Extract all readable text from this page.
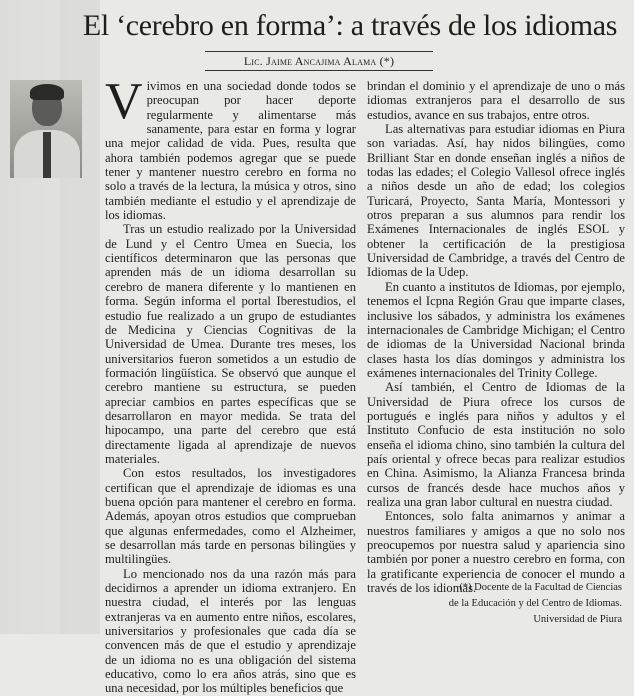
El ‘cerebro en forma’: a través de los idiomas
Lic. Jaime Ancajima Alama (*)

Vivimos en una sociedad donde todos se preocupan por hacer deporte regularmente y alimentarse más sanamente, para estar en forma y lograr una mejor calidad de vida. Pues, resulta que ahora también podemos agregar que se puede tener y mantener nuestro cerebro en forma no solo a través de la lectura, la música y otros, sino también mediante el estudio y el aprendizaje de los idiomas.

Tras un estudio realizado por la Universidad de Lund y el Centro Umea en Suecia, los científicos determinaron que las personas que aprenden más de un idioma desarrollan su cerebro de manera diferente y lo mantienen en forma. Según informa el portal Iberestudios, el estudio fue realizado a un grupo de estudiantes de Medicina y Ciencias Cognitivas de la Universidad de Umea. Durante tres meses, los universitarios fueron sometidos a un estudio de formación lingüística. Se observó que aunque el cerebro mantiene su estructura, se pueden apreciar cambios en partes específicas que se desarrollaron en mayor medida. Se trata del hipocampo, una parte del cerebro que está directamente ligada al aprendizaje de nuevos materiales.

Con estos resultados, los investigadores certifican que el aprendizaje de idiomas es una buena opción para mantener el cerebro en forma. Además, apoyan otros estudios que comprueban que algunas enfermedades, como el Alzheimer, se desarrollan más tarde en personas bilingües y multilingües.

Lo mencionado nos da una razón más para decidirnos a aprender un idioma extranjero. En nuestra ciudad, el interés por las lenguas extranjeras va en aumento entre niños, escolares, universitarios y profesionales que cada día se convencen más de que el estudio y aprendizaje de un idioma no es una obligación del sistema educativo, como lo era años atrás, sino que es una necesidad, por los múltiples beneficios que

brindan el dominio y el aprendizaje de uno o más idiomas extranjeros para el desarrollo de sus estudios, avance en sus trabajos, entre otros.

Las alternativas para estudiar idiomas en Piura son variadas. Así, hay nidos bilingües, como Brilliant Star en donde enseñan inglés a niños de todas las edades; el Colegio Vallesol ofrece inglés a niños desde un año de edad; los colegios Turicará, Proyecto, Santa María, Montessori y otros preparan a sus alumnos para rendir los Exámenes Internacionales de inglés ESOL y obtener la certificación de la prestigiosa Universidad de Cambridge, a través del Centro de Idiomas de la Udep.

En cuanto a institutos de Idiomas, por ejemplo, tenemos el Icpna Región Grau que imparte clases, inclusive los sábados, y administra los exámenes internacionales de Cambridge Michigan; el Centro de idiomas de la Universidad Nacional brinda clases hasta los días domingos y administra los exámenes internacionales del Trinity College.

Así también, el Centro de Idiomas de la Universidad de Piura ofrece los cursos de portugués e inglés para niños y adultos y el Instituto Confucio de esta institución no solo enseña el idioma chino, sino también la cultura del país oriental y ofrece becas para realizar estudios en China. Asimismo, la Alianza Francesa brinda cursos de francés desde hace muchos años y realiza una gran labor cultural en nuestra ciudad.

Entonces, solo falta animarnos y animar a nuestros familiares y amigos a que no solo nos preocupemos por nuestra salud y apariencia sino también por poner a nuestro cerebro en forma, con la gratificante experiencia de conocer el mundo a través de los idiomas.

(*) Docente de la Facultad de Ciencias
de la Educación y del Centro de Idiomas.
Universidad de Piura
